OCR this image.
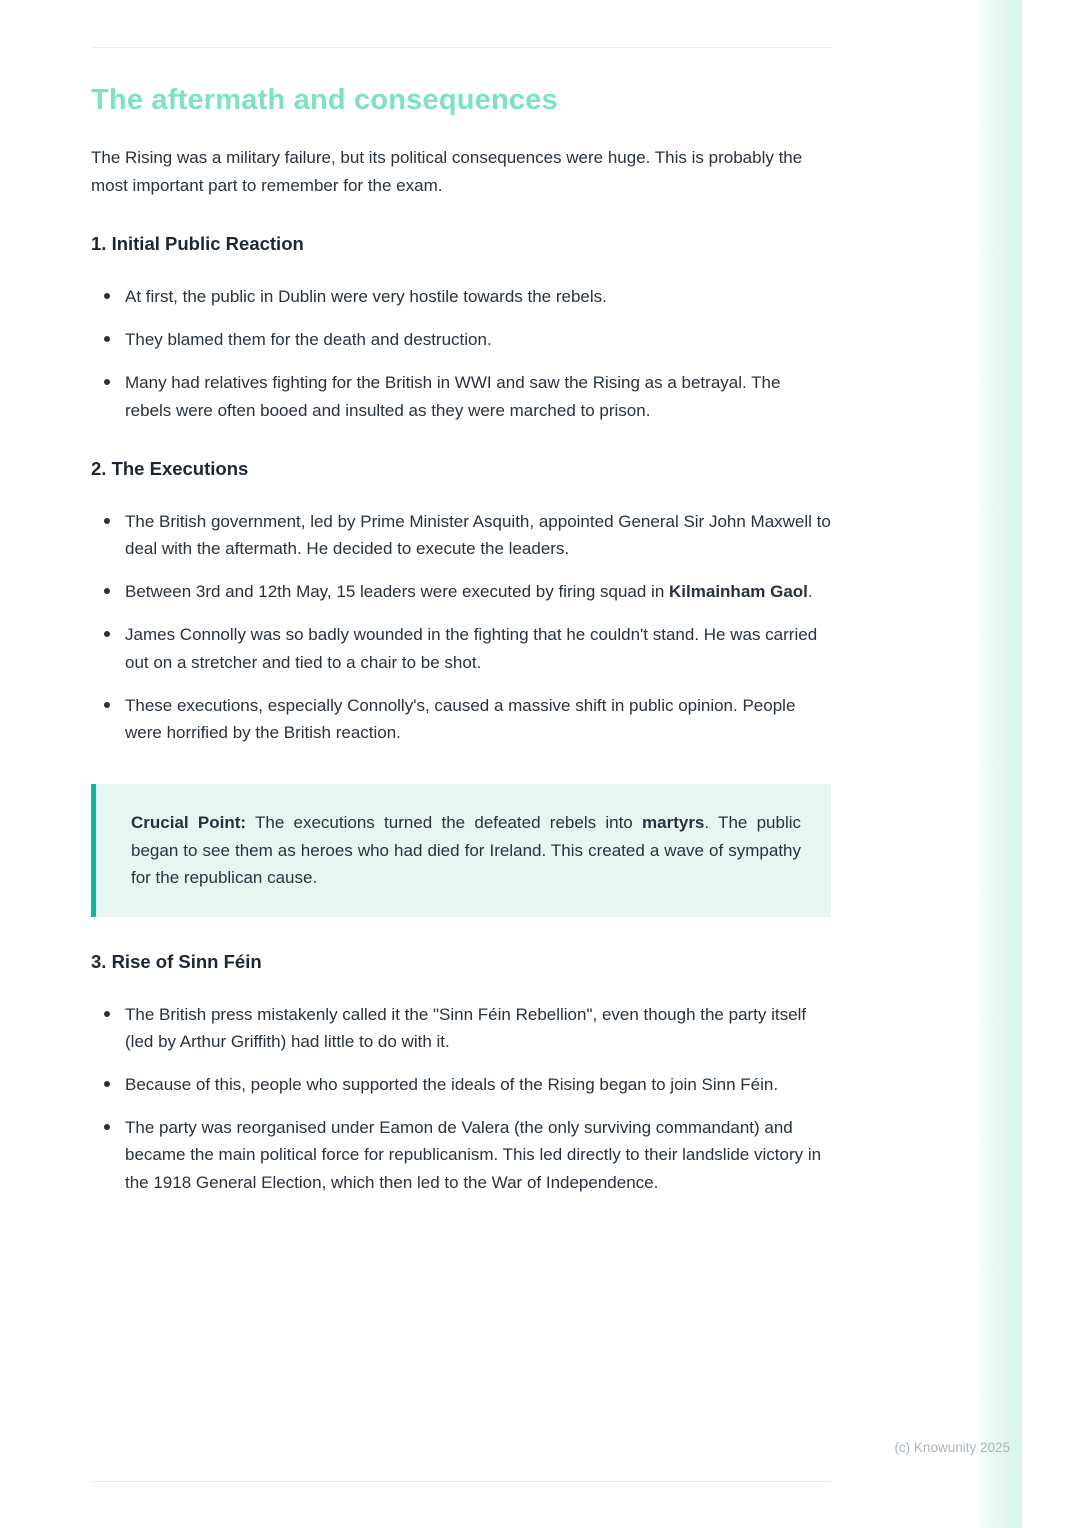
The aftermath and consequences

The Rising was a military failure, but its political consequences were huge. This is probably the most important part to remember for the exam.

1. Initial Public Reaction
At first, the public in Dublin were very hostile towards the rebels.
They blamed them for the death and destruction.
Many had relatives fighting for the British in WWI and saw the Rising as a betrayal. The rebels were often booed and insulted as they were marched to prison.
2. The Executions
The British government, led by Prime Minister Asquith, appointed General Sir John Maxwell to deal with the aftermath. He decided to execute the leaders.
Between 3rd and 12th May, 15 leaders were executed by firing squad in Kilmainham Gaol.
James Connolly was so badly wounded in the fighting that he couldn't stand. He was carried out on a stretcher and tied to a chair to be shot.
These executions, especially Connolly's, caused a massive shift in public opinion. People were horrified by the British reaction.

Crucial Point: The executions turned the defeated rebels into martyrs. The public began to see them as heroes who had died for Ireland. This created a wave of sympathy for the republican cause.

3. Rise of Sinn Féin
The British press mistakenly called it the "Sinn Féin Rebellion", even though the party itself (led by Arthur Griffith) had little to do with it.
Because of this, people who supported the ideals of the Rising began to join Sinn Féin.
The party was reorganised under Eamon de Valera (the only surviving commandant) and became the main political force for republicanism. This led directly to their landslide victory in the 1918 General Election, which then led to the War of Independence.
(c) Knowunity 2025
